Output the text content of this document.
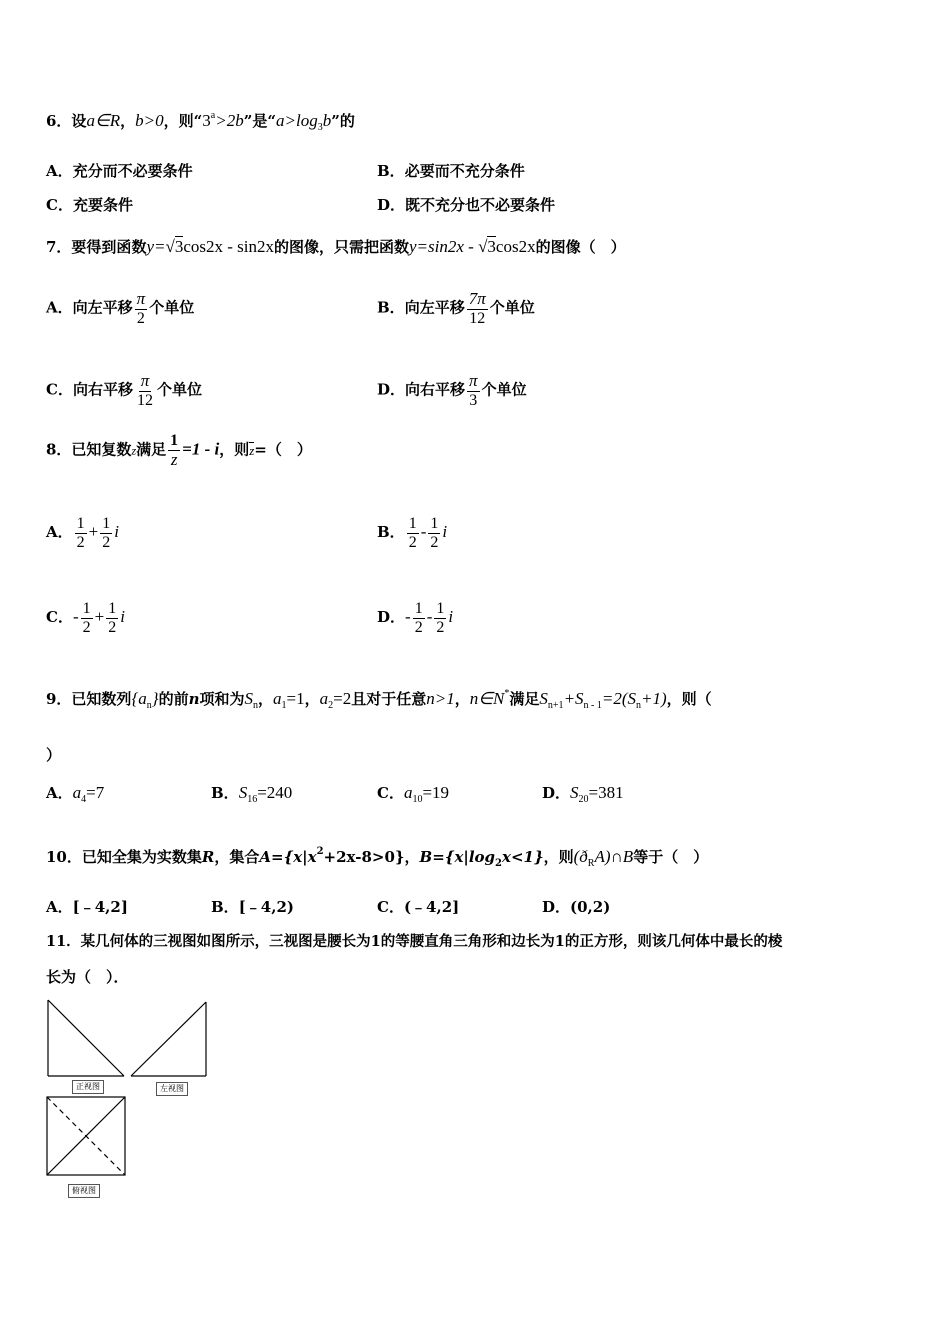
6．设a∈R，b>0，则“$3^a>2b$”是“$a>\log_3b$”的
A．充分而不必要条件	B．必要而不充分条件
C．充要条件	D．既不充分也不必要条件
7．要得到函数y=√3cos2x - sin2x的图像，只需把函数y=sin2x - √3cos2x的图像（　）
A．向左平移 $\frac{\pi}{2}$ 个单位	B．向左平移 $\frac{7\pi}{12}$ 个单位
C．向右平移 $\frac{\pi}{12}$ 个单位	D．向右平移 $\frac{\pi}{3}$ 个单位
8．已知复数z满足 $\frac{1}{z} =1 - i$，则z=（　）
A． $\frac{1}{2} + \frac{1}{2}$ i	B． $\frac{1}{2} - \frac{1}{2}$ i
C．- $\frac{1}{2} + \frac{1}{2}$ i	D．- $\frac{1}{2} - \frac{1}{2}$ i
9．已知数列$\{a_n\}$的前n项和为$S_n$，$a_1=1$，$a_2=2$且对于任意n>1，n∈N*满足$S_{n+1}+S_{n - 1}=2(S_n+1)$，则（
）
A．$a_4=7$	B．$S_{16}=240$	C．$a_{10}=19$	D．$S_{20}=381$
10．已知全集为实数集R，集合$A=\{x|x^2+2x-8>0\}$，$B=\{x|\log_2x<1\}$，则$(ð_RA)\cap B$等于（　）
A．[﹣4,2]	B．[﹣4,2)	C．(﹣4,2]	D．(0,2)
11．某几何体的三视图如图所示，三视图是腰长为1的等腰直角三角形和边长为1的正方形，则该几何体中最长的棱
长为（　）．
正视图	左视图
俯视图
